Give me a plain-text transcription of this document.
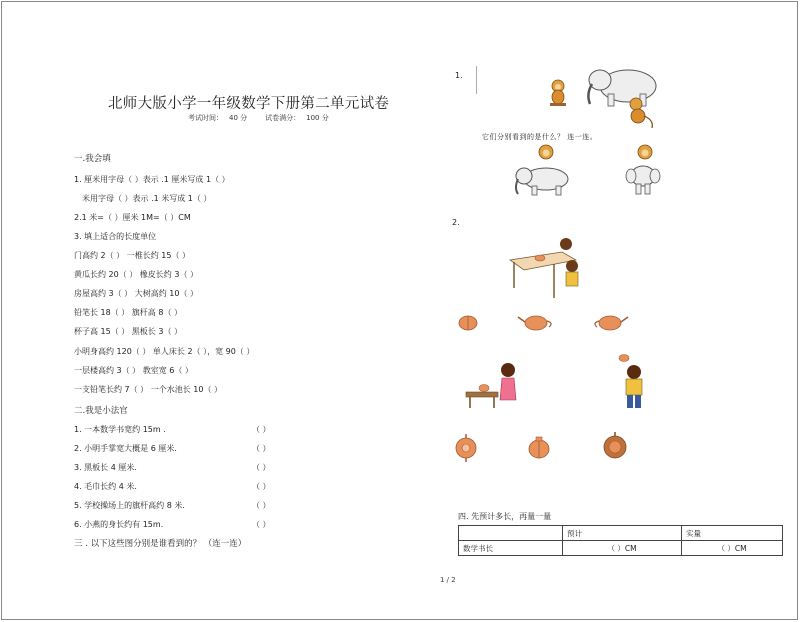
北师大版小学一年级数学下册第二单元试卷
考试时间： 40 分	试卷满分： 100 分
一.我会填
1. 厘米用字母（ ）表示 .1 厘米写成 1（ ）
米用字母（ ）表示 .1 米写成 1（ ）
2.1 米=（ ）厘米 1M=（ ）CM
3. 填上适合的长度单位
门高约 2（ ） 一椎长约 15（ ）
黄瓜长约 20（ ） 橡皮长约 3（ ）
房屋高约 3（ ） 大树高约 10（ ）
铅笔长 18（ ） 旗杆高 8（ ）
杯子高 15（ ） 黑板长 3（ ）
小明身高约 120（ ） 单人床长 2（ ），宽 90（ ）
一层楼高约 3（ ） 教室宽 6（ ）
一支铅笔长约 7（ ） 一个水池长 10（ ）
二.我是小法官
1. 一本数学书宽约 15m .	（ ）
2. 小明手掌宽大概是 6 厘米.	（ ）
3. 黑板长 4 厘米.	（ ）
4. 毛巾长约 4 米.	（ ）
5. 学校操场上的旗杆高约 8 米.	（ ）
6. 小燕的身长约有 15m.	（ ）
三 . 以下这些图分别是谁看到的？ （连一连）
1.
它们分别看到的是什么？ 连一连。
2.
四. 先预计多长，再量一量
	预计	实量
数学书长	（ ）CM	（ ）CM
1 / 2
